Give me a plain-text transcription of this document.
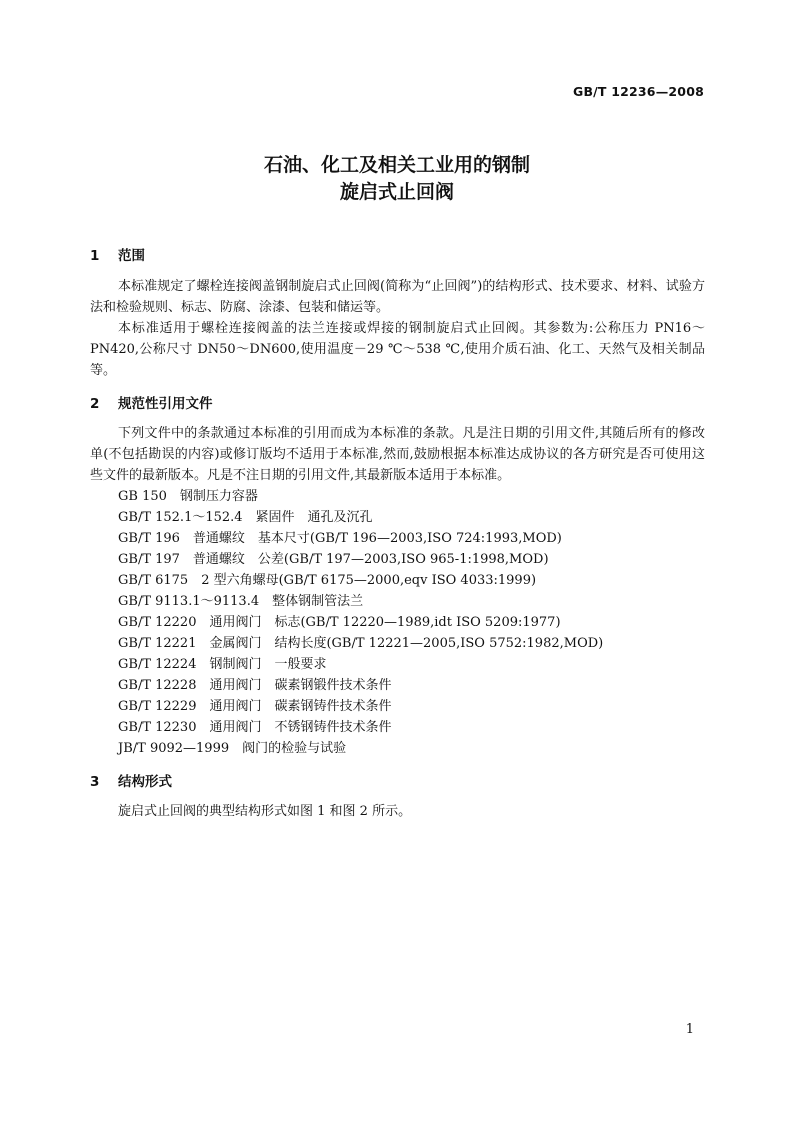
GB/T 12236—2008
石油、化工及相关工业用的钢制
旋启式止回阀
1 范围
本标准规定了螺栓连接阀盖钢制旋启式止回阀(简称为“止回阀”)的结构形式、技术要求、材料、试验方法和检验规则、标志、防腐、涂漆、包装和储运等。
本标准适用于螺栓连接阀盖的法兰连接或焊接的钢制旋启式止回阀。其参数为:公称压力 PN16～PN420,公称尺寸 DN50～DN600,使用温度－29 ℃～538 ℃,使用介质石油、化工、天然气及相关制品等。
2 规范性引用文件
下列文件中的条款通过本标准的引用而成为本标准的条款。凡是注日期的引用文件,其随后所有的修改单(不包括勘误的内容)或修订版均不适用于本标准,然而,鼓励根据本标准达成协议的各方研究是否可使用这些文件的最新版本。凡是不注日期的引用文件,其最新版本适用于本标准。
GB 150　钢制压力容器
GB/T 152.1～152.4　紧固件　通孔及沉孔
GB/T 196　普通螺纹　基本尺寸(GB/T 196—2003,ISO 724:1993,MOD)
GB/T 197　普通螺纹　公差(GB/T 197—2003,ISO 965-1:1998,MOD)
GB/T 6175　2 型六角螺母(GB/T 6175—2000,eqv ISO 4033:1999)
GB/T 9113.1～9113.4　整体钢制管法兰
GB/T 12220　通用阀门　标志(GB/T 12220—1989,idt ISO 5209:1977)
GB/T 12221　金属阀门　结构长度(GB/T 12221—2005,ISO 5752:1982,MOD)
GB/T 12224　钢制阀门　一般要求
GB/T 12228　通用阀门　碳素钢锻件技术条件
GB/T 12229　通用阀门　碳素钢铸件技术条件
GB/T 12230　通用阀门　不锈钢铸件技术条件
JB/T 9092—1999　阀门的检验与试验
3 结构形式
旋启式止回阀的典型结构形式如图 1 和图 2 所示。
1
